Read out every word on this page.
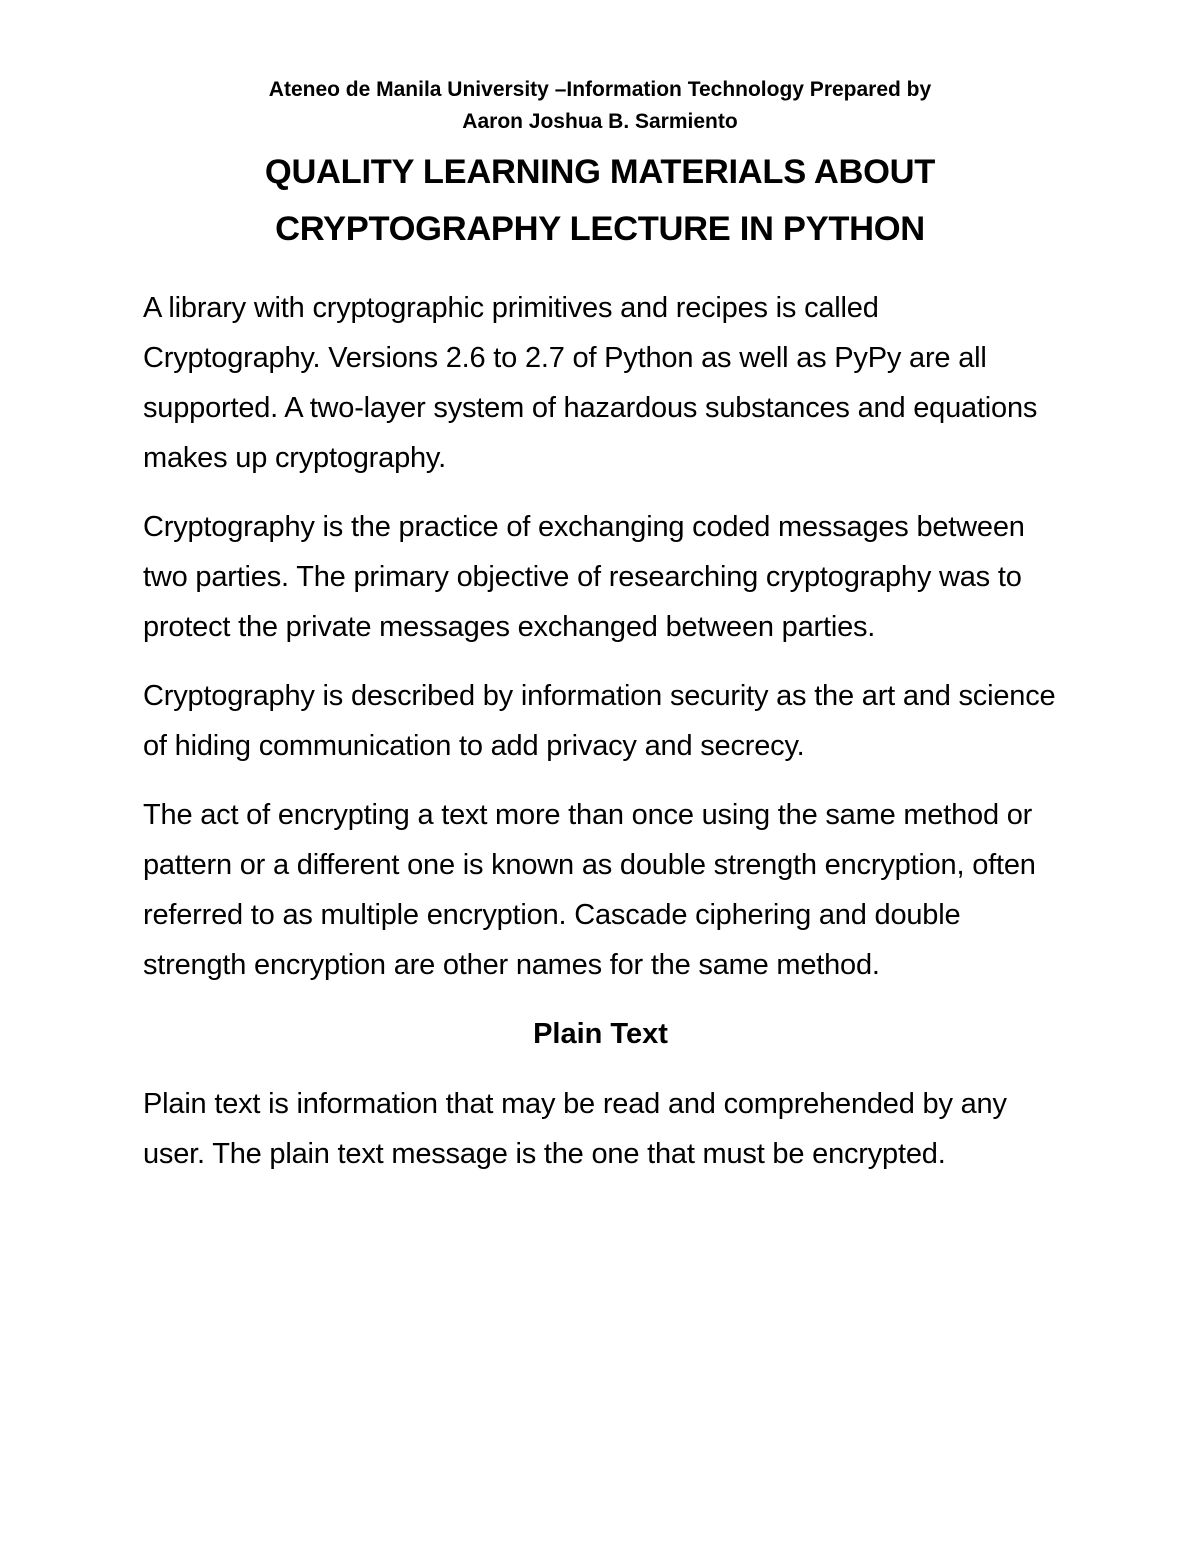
Ateneo de Manila University –Information Technology Prepared by
Aaron Joshua B. Sarmiento
QUALITY LEARNING MATERIALS ABOUT
CRYPTOGRAPHY LECTURE IN PYTHON

A library with cryptographic primitives and recipes is called Cryptography. Versions 2.6 to 2.7 of Python as well as PyPy are all supported. A two-layer system of hazardous substances and equations makes up cryptography.

Cryptography is the practice of exchanging coded messages between two parties. The primary objective of researching cryptography was to protect the private messages exchanged between parties.

Cryptography is described by information security as the art and science of hiding communication to add privacy and secrecy.

The act of encrypting a text more than once using the same method or pattern or a different one is known as double strength encryption, often referred to as multiple encryption. Cascade ciphering and double strength encryption are other names for the same method.

Plain Text

Plain text is information that may be read and comprehended by any user. The plain text message is the one that must be encrypted.
